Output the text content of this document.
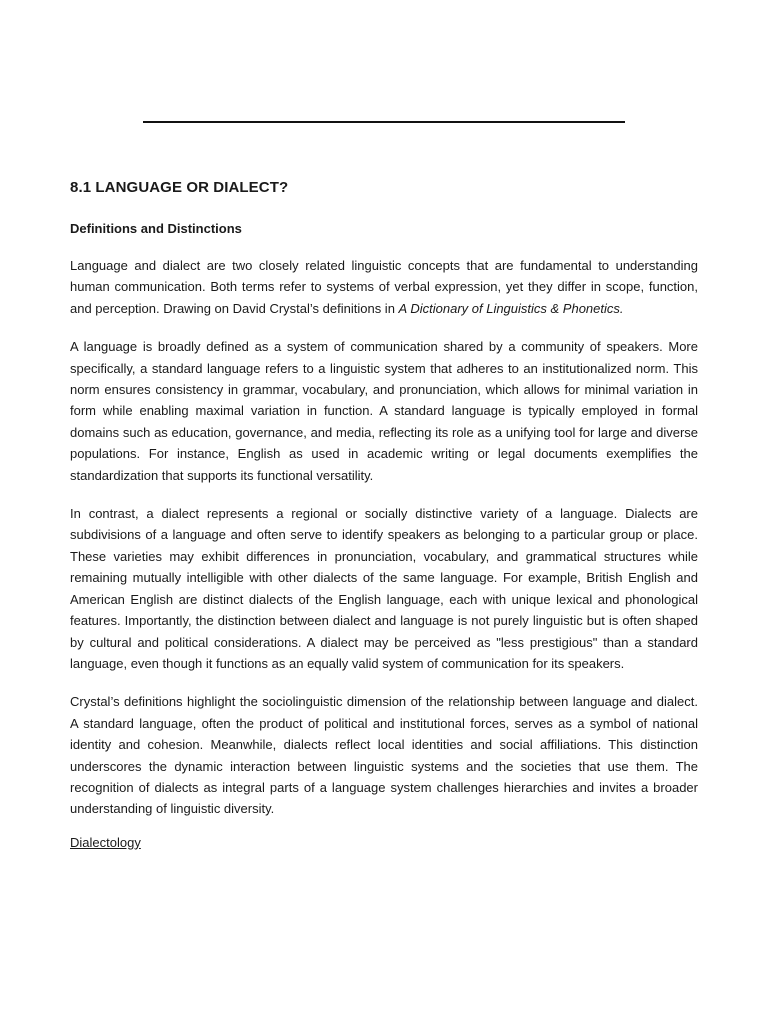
8.1 LANGUAGE OR DIALECT?
Definitions and Distinctions

Language and dialect are two closely related linguistic concepts that are fundamental to understanding human communication. Both terms refer to systems of verbal expression, yet they differ in scope, function, and perception. Drawing on David Crystal’s definitions in A Dictionary of Linguistics & Phonetics.

A language is broadly defined as a system of communication shared by a community of speakers. More specifically, a standard language refers to a linguistic system that adheres to an institutionalized norm. This norm ensures consistency in grammar, vocabulary, and pronunciation, which allows for minimal variation in form while enabling maximal variation in function. A standard language is typically employed in formal domains such as education, governance, and media, reflecting its role as a unifying tool for large and diverse populations. For instance, English as used in academic writing or legal documents exemplifies the standardization that supports its functional versatility.

In contrast, a dialect represents a regional or socially distinctive variety of a language. Dialects are subdivisions of a language and often serve to identify speakers as belonging to a particular group or place. These varieties may exhibit differences in pronunciation, vocabulary, and grammatical structures while remaining mutually intelligible with other dialects of the same language. For example, British English and American English are distinct dialects of the English language, each with unique lexical and phonological features. Importantly, the distinction between dialect and language is not purely linguistic but is often shaped by cultural and political considerations. A dialect may be perceived as "less prestigious" than a standard language, even though it functions as an equally valid system of communication for its speakers.

Crystal’s definitions highlight the sociolinguistic dimension of the relationship between language and dialect. A standard language, often the product of political and institutional forces, serves as a symbol of national identity and cohesion. Meanwhile, dialects reflect local identities and social affiliations. This distinction underscores the dynamic interaction between linguistic systems and the societies that use them. The recognition of dialects as integral parts of a language system challenges hierarchies and invites a broader understanding of linguistic diversity.

Dialectology
